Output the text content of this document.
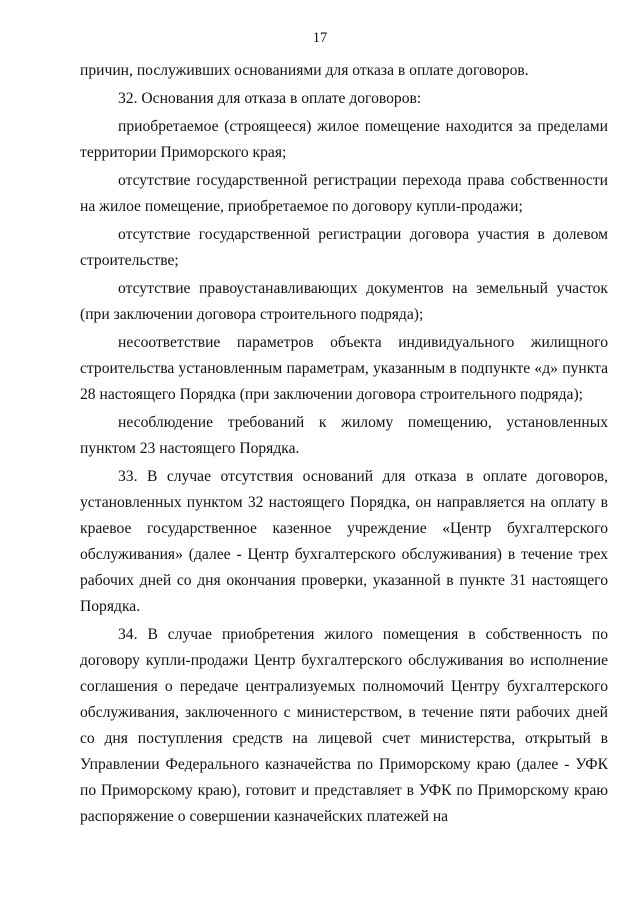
17

причин, послуживших основаниями для отказа в оплате договоров.

32. Основания для отказа в оплате договоров:

приобретаемое (строящееся) жилое помещение находится за пределами территории Приморского края;

отсутствие государственной регистрации перехода права собственности на жилое помещение, приобретаемое по договору купли-продажи;

отсутствие государственной регистрации договора участия в долевом строительстве;

отсутствие правоустанавливающих документов на земельный участок (при заключении договора строительного подряда);

несоответствие параметров объекта индивидуального жилищного строительства установленным параметрам, указанным в подпункте «д» пункта 28 настоящего Порядка (при заключении договора строительного подряда);

несоблюдение требований к жилому помещению, установленных пунктом 23 настоящего Порядка.

33. В случае отсутствия оснований для отказа в оплате договоров, установленных пунктом 32 настоящего Порядка, он направляется на оплату в краевое государственное казенное учреждение «Центр бухгалтерского обслуживания» (далее - Центр бухгалтерского обслуживания) в течение трех рабочих дней со дня окончания проверки, указанной в пункте 31 настоящего Порядка.

34. В случае приобретения жилого помещения в собственность по договору купли-продажи Центр бухгалтерского обслуживания во исполнение соглашения о передаче централизуемых полномочий Центру бухгалтерского обслуживания, заключенного с министерством, в течение пяти рабочих дней со дня поступления средств на лицевой счет министерства, открытый в Управлении Федерального казначейства по Приморскому краю (далее - УФК по Приморскому краю), готовит и представляет в УФК по Приморскому краю распоряжение о совершении казначейских платежей на
